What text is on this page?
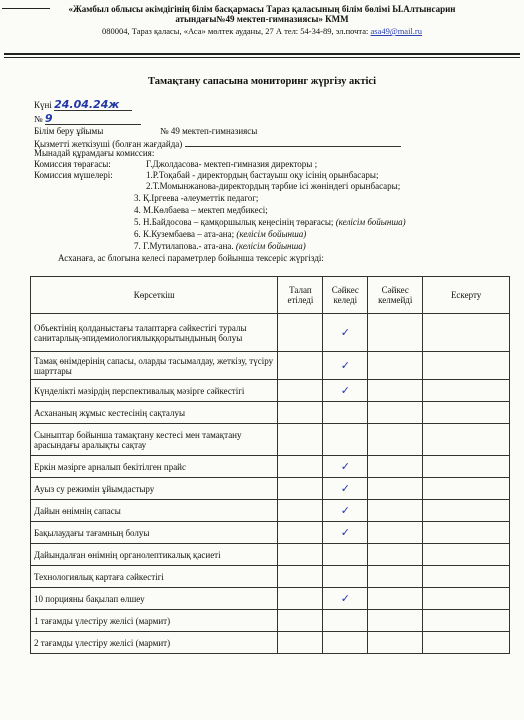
«Жамбыл облысы әкімдігінің білім басқармасы Тараз қаласының білім бөлімі Ы.Алтынсарин
атындағы№49 мектеп-гимназиясы» КММ
080004, Тараз қаласы, «Аса» мөлтек ауданы, 27 А тел: 54-34-89, эл.почта: asa49@mail.ru
Тамақтану сапасына мониторинг жүргізу актісі
Күні 24.04.24ж
№ 9
Білім беру ұйымы	№ 49 мектеп-гимназиясы
Қызметті жеткізуші (болған жағдайда)
Мынадай құрамдағы комиссия:
Комиссия төрағасы:	Г.Джолдасова- мектеп-гимназия директоры ;
Комиссия мүшелері:	1.Р.Тоқабай - директордың бастауыш оқу ісінің орынбасары;
2.Т.Момынжанова-директордың тәрбие ісі жөніндегі орынбасары;
3. Қ.Іргеева -әлеуметтік педагог;
4. М.Көлбаева – мектеп медбикесі;
5. Н.Байдосова – қамқоршылық кеңесінің төрағасы; (келісім бойынша)
6. К.Кузембаева – ата-ана; (келісім бойынша)
7. Г.Мутилапова.- ата-ана. (келісім бойынша)
Асханаға, ас блогына келесі параметрлер бойынша тексеріс жүргізді:
Көрсеткіш	Талап етіледі	Сәйкес келеді	Сәйкес келмейді	Ескерту
Объектінің қолданыстағы талаптарға сәйкестігі туралы санитарлық-эпидемиологиялыққорытындының болуы		✓		
Тамақ өнімдерінің сапасы, оларды тасымалдау, жеткізу, түсіру шарттары		✓		
Күнделікті мәзірдің перспективалық мәзірге сәйкестігі		✓		
Асхананың жұмыс кестесінің сақталуы				
Сыныптар бойынша тамақтану кестесі мен тамақтану арасындағы аралықты сақтау				
Еркін мәзірге арналып бекітілген прайс		✓		
Ауыз су режимін ұйымдастыру		✓		
Дайын өнімнің сапасы		✓		
Бақылаудағы тағамның болуы		✓		
Дайындалған өнімнің органолептикалық қасиеті				
Технологиялық картаға сәйкестігі				
10 порцияны бақылап өлшеу		✓		
1 тағамды үлестіру желісі (мармит)				
2 тағамды үлестіру желісі (мармит)				
